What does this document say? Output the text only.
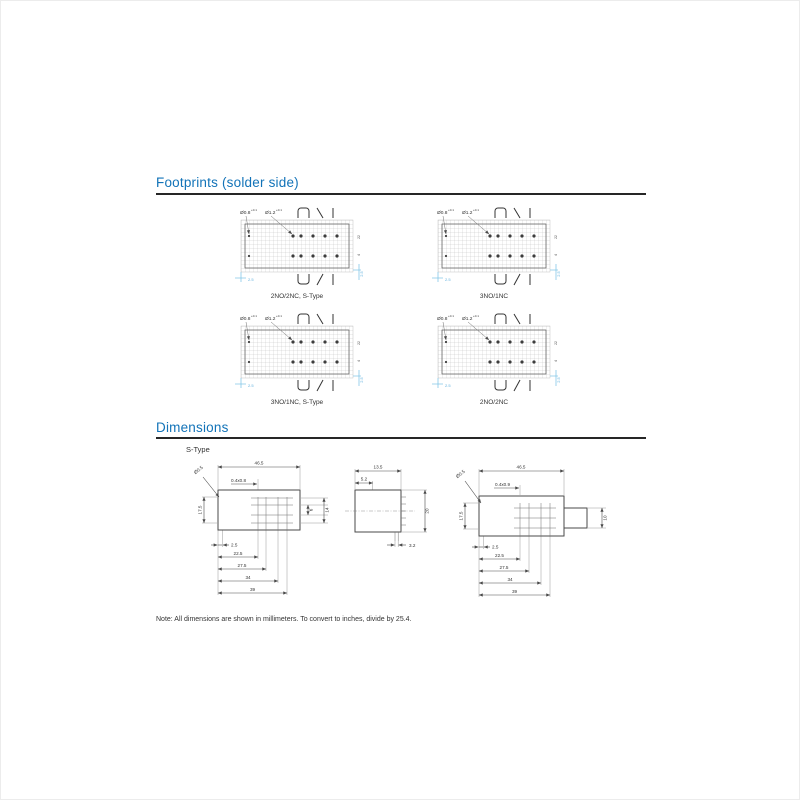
Footprints (solder side)
Ø0.8
+0.1
Ø1.2
+0.1
2.5
2.5
22
4
2NO/2NC, S-Type
Ø0.8
+0.1
Ø1.2
+0.1
2.5
2.5
22
4
3NO/1NC
Ø0.8
+0.1
Ø1.2
+0.1
2.5
2.5
22
4
3NO/1NC, S-Type
Ø0.8
+0.1
Ø1.2
+0.1
2.5
2.5
22
4
2NO/2NC
Dimensions
S-Type
46.5
0.4x0.8
Ø0.5
17.5	6 14
2.5
22.5
27.5
34
39
13.5
5.2
20
3.2
46.5
0.4x0.9
Ø0.5
17.5	10
2.5
22.5
27.5
34
39
Note: All dimensions are shown in millimeters. To convert to inches, divide by 25.4.
